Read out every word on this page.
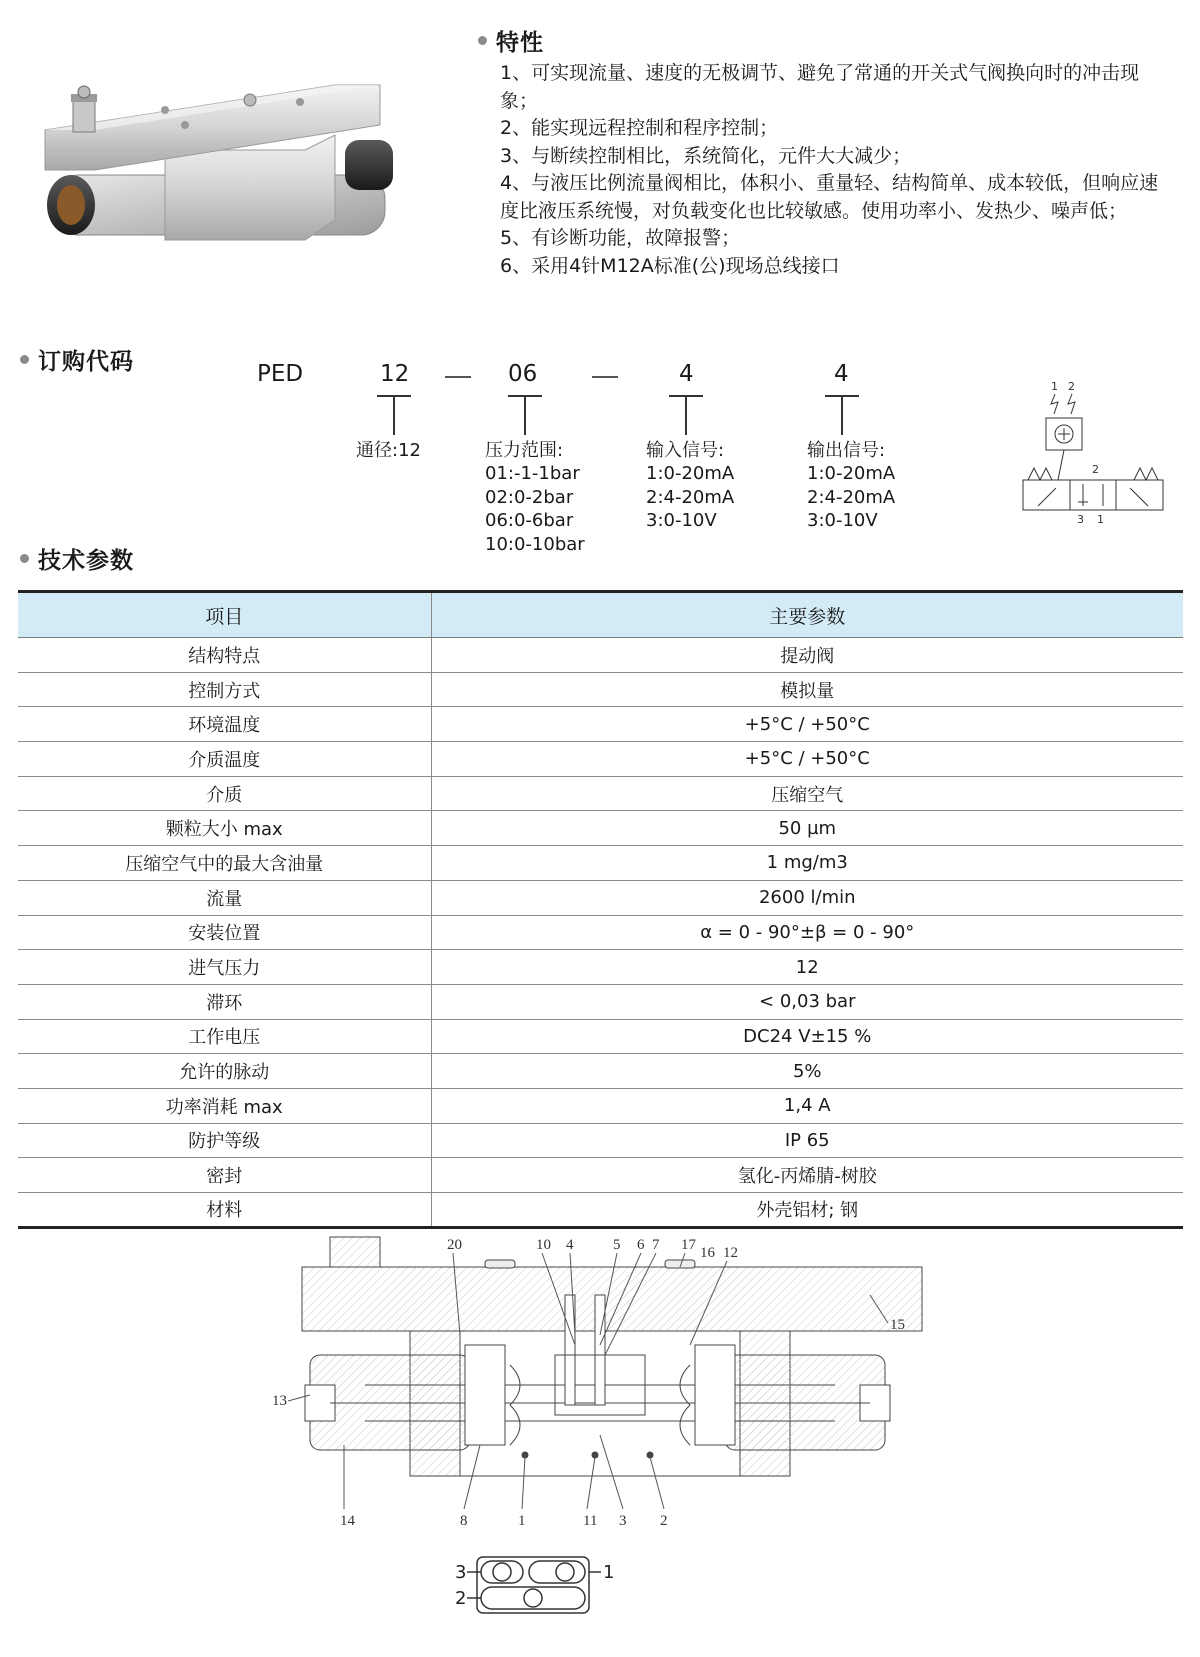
特性
1、可实现流量、速度的无极调节、避免了常通的开关式气阀换向时的冲击现
象；
2、能实现远程控制和程序控制；
3、与断续控制相比，系统简化，元件大大减少；
4、与液压比例流量阀相比，体积小、重量轻、结构简单、成本较低，但响应速
度比液压系统慢，对负载变化也比较敏感。使用功率小、发热少、噪声低；
5、有诊断功能，故障报警；
6、采用4针M12A标准(公)现场总线接口
订购代码	PED	12	06	4	4
通径:12	压力范围:
01:-1-1bar
02:0-2bar
06:0-6bar
10:0-10bar
输入信号:
1:0-20mA
2:4-20mA
3:0-10V
输出信号:
1:0-20mA
2:4-20mA
3:0-10V
1 2
2
3 1
技术参数
项目	主要参数
结构特点	提动阀
控制方式	模拟量
环境温度	+5°C / +50°C
介质温度	+5°C / +50°C
介质	压缩空气
颗粒大小 max	50 µm
压缩空气中的最大含油量	1 mg/m3
流量	2600 l/min
安装位置	α = 0 - 90°±β = 0 - 90°
进气压力	12
滞环	< 0,03 bar
工作电压	DC24 V±15 %
允许的脉动	5%
功率消耗 max	1,4 A
防护等级	IP 65
密封	氢化-丙烯腈-树胶
材料	外壳铝材; 钢
20	10 4	5 6 7 17 16 12
15
13
14	8	1	11 3 2
3	1
2
